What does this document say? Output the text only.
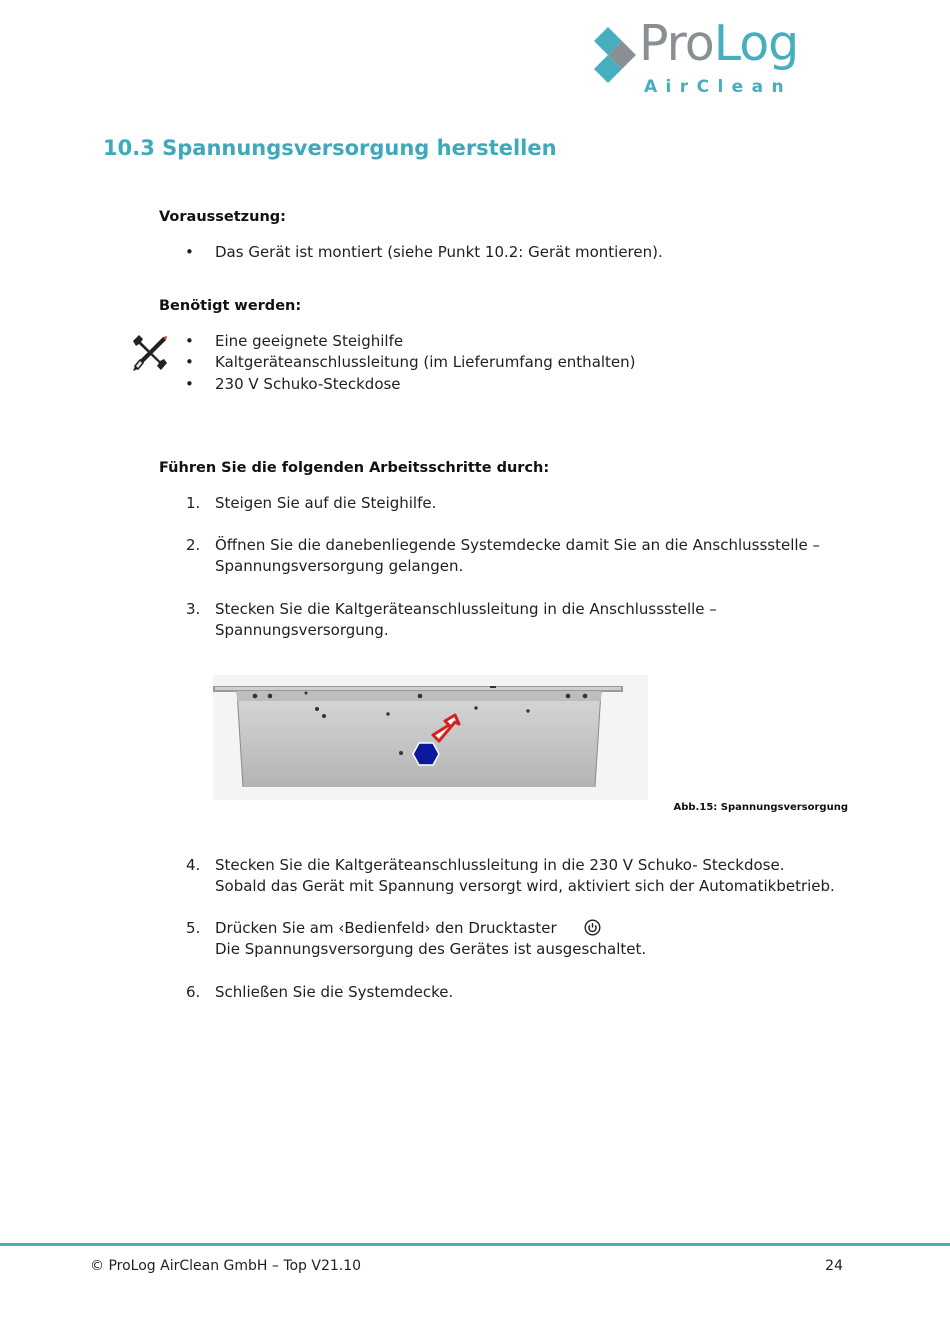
ProLog
AirClean
10.3 Spannungsversorgung herstellen
Voraussetzung:
• Das Gerät ist montiert (siehe Punkt 10.2: Gerät montieren).
Benötigt werden:
• Eine geeignete Steighilfe
• Kaltgeräteanschlussleitung (im Lieferumfang enthalten)
• 230 V Schuko-Steckdose
Führen Sie die folgenden Arbeitsschritte durch:
1. Steigen Sie auf die Steighilfe.
2. Öffnen Sie die danebenliegende Systemdecke damit Sie an die Anschlussstelle –
Spannungsversorgung gelangen.
3. Stecken Sie die Kaltgeräteanschlussleitung in die Anschlussstelle –
Spannungsversorgung.
Abb.15: Spannungsversorgung
4. Stecken Sie die Kaltgeräteanschlussleitung in die 230 V Schuko- Steckdose.
Sobald das Gerät mit Spannung versorgt wird, aktiviert sich der Automatikbetrieb.
5. Drücken Sie am ‹Bedienfeld› den Drucktaster
Die Spannungsversorgung des Gerätes ist ausgeschaltet.
6. Schließen Sie die Systemdecke.
© ProLog AirClean GmbH – Top V21.10	24
